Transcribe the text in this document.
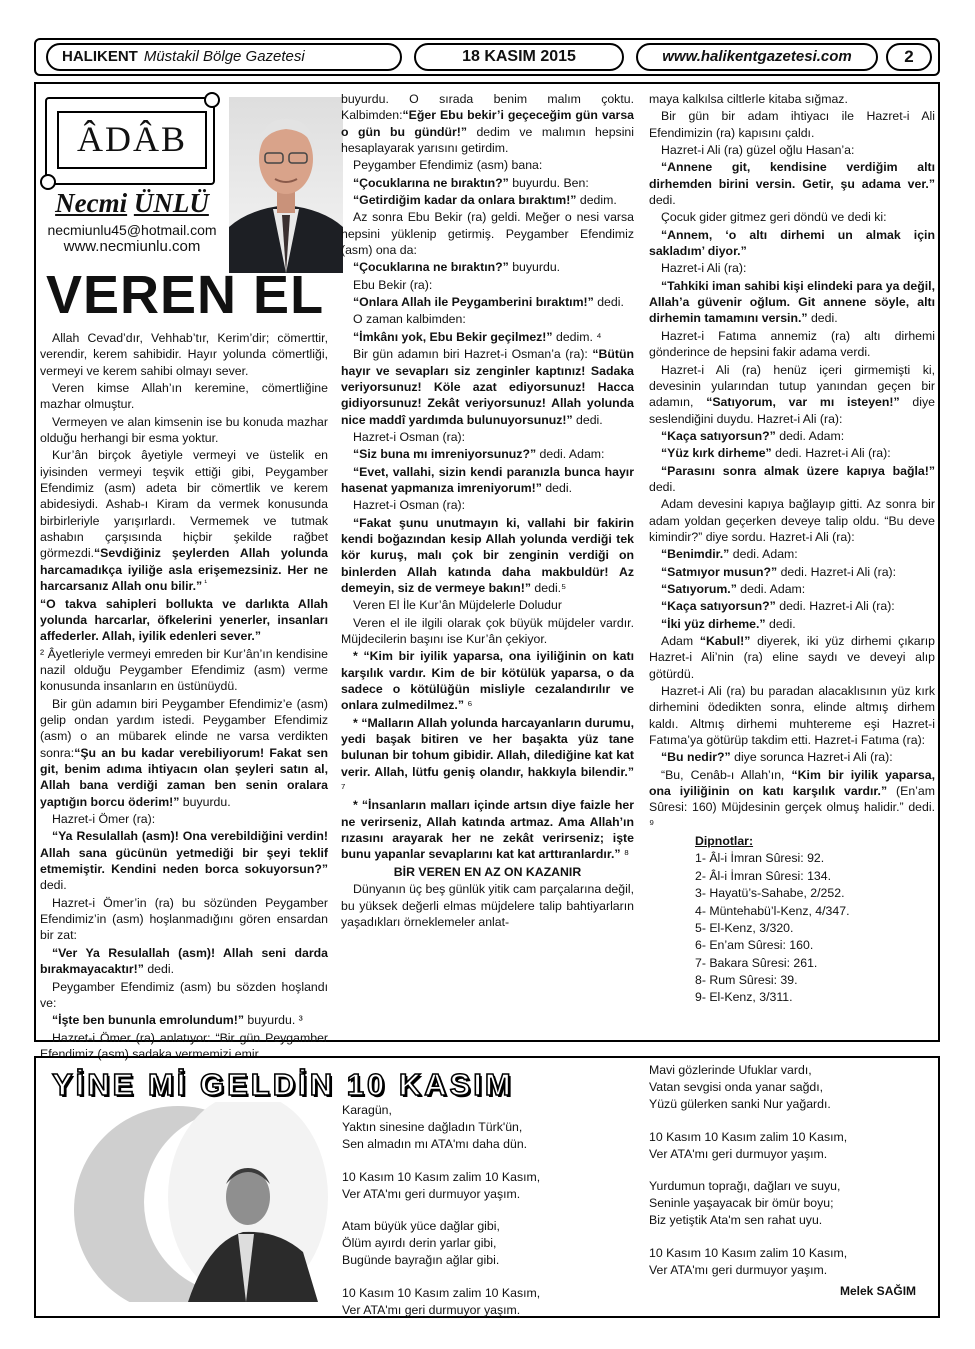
HALIKENT Müstakil Bölge Gazetesi	18 KASIM 2015	www.halikentgazetesi.com	2
ÂDÂB
Necmi ÜNLÜ
necmiunlu45@hotmail.com
www.necmiunlu.com
VEREN EL

Allah Cevad’dır, Vehhab’tır, Kerim’dir; cömerttir, verendir, kerem sahibidir. Hayır yolunda cömertliği, vermeyi ve kerem sahibi olmayı sever.

Veren kimse Allah’ın keremine, cömertliğine mazhar olmuştur.

Vermeyen ve alan kimsenin ise bu konuda mazhar olduğu herhangi bir esma yoktur.

Kur’ân birçok âyetiyle vermeyi ve üstelik en iyisinden vermeyi teşvik ettiği gibi, Peygamber Efendimiz (asm) adeta bir cömertlik ve kerem abidesiydi. Ashab-ı Kiram da vermek konusunda birbirleriyle yarışırlardı. Vermemek ve tutmak ashabın çarşısında hiçbir şekilde rağbet görmezdi.“Sevdiğiniz şeylerden Allah yolunda harcamadıkça iyiliğe asla erişemezsiniz. Her ne harcarsanız Allah onu bilir.” $^{^1}$

“O takva sahipleri bollukta ve darlıkta Allah yolunda harcarlar, öfkelerini yenerler, insanları affederler. Allah, iyilik edenleri sever.”

² Âyetleriyle vermeyi emreden bir Kur’ân’ın kendisine nazil olduğu Peygamber Efendimiz (asm) verme konusunda insanların en üstünüydü.

Bir gün adamın biri Peygamber Efendimiz’e (asm) gelip ondan yardım istedi. Peygamber Efendimiz (asm) o an mübarek elinde ne varsa verdikten sonra:“Şu an bu kadar verebiliyorum! Fakat sen git, benim adıma ihtiyacın olan şeyleri satın al, Allah bana verdiği zaman ben senin oralara yaptığın borcu öderim!” buyurdu.

Hazret-i Ömer (ra):

“Ya Resulallah (asm)! Ona verebildiğini verdin! Allah sana gücünün yetmediği bir şeyi teklif etmemiştir. Kendini neden borca sokuyorsun?” dedi.

Hazret-i Ömer’in (ra) bu sözünden Peygamber Efendimiz’in (asm) hoşlanmadığını gören ensardan bir zat:

“Ver Ya Resulallah (asm)! Allah seni darda bırakmayacaktır!” dedi.

Peygamber Efendimiz (asm) bu sözden hoşlandı ve:

“İşte ben bununla emrolundum!” buyurdu. ³

Hazret-i Ömer (ra) anlatıyor: “Bir gün Peygamber Efendimiz (asm) sadaka vermemizi emir

buyurdu. O sırada benim malım çoktu. Kalbimden:“Eğer Ebu bekir’i geçeceğim gün varsa o gün bu gündür!” dedim ve malımın hepsini hesaplayarak yarısını getirdim.

Peygamber Efendimiz (asm) bana:

“Çocuklarına ne bıraktın?” buyurdu. Ben:

“Getirdiğim kadar da onlara bıraktım!” dedim.

Az sonra Ebu Bekir (ra) geldi. Meğer o nesi varsa hepsini yüklenip getirmiş. Peygamber Efendimiz (asm) ona da:

“Çocuklarına ne bıraktın?” buyurdu.

Ebu Bekir (ra):

“Onlara Allah ile Peygamberini bıraktım!” dedi.

O zaman kalbimden:

“İmkânı yok, Ebu Bekir geçilmez!” dedim. ⁴

Bir gün adamın biri Hazret-i Osman’a (ra): “Bütün hayır ve sevapları siz zenginler kaptınız! Sadaka veriyorsunuz! Köle azat ediyorsunuz! Hacca gidiyorsunuz! Zekât veriyorsunuz! Allah yolunda nice maddî yardımda bulunuyorsunuz!” dedi.

Hazret-i Osman (ra):

“Siz buna mı imreniyorsunuz?” dedi. Adam:

“Evet, vallahi, sizin kendi paranızla bunca hayır hasenat yapmanıza imreniyorum!” dedi.

Hazret-i Osman (ra):

“Fakat şunu unutmayın ki, vallahi bir fakirin kendi boğazından kesip Allah yolunda verdiği tek kör kuruş, malı çok bir zenginin verdiği on binlerden Allah katında daha makbuldür! Az demeyin, siz de vermeye bakın!” dedi.⁵

Veren El İle Kur’ân Müjdelerle Doludur

Veren el ile ilgili olarak çok büyük müjdeler vardır. Müjdecilerin başını ise Kur’ân çekiyor.

* “Kim bir iyilik yaparsa, ona iyiliğinin on katı karşılık vardır. Kim de bir kötülük yaparsa, o da sadece o kötülüğün misliyle cezalandırılır ve onlara zulmedilmez.” ⁶

* “Malların Allah yolunda harcayanların durumu, yedi başak bitiren ve her başakta yüz tane bulunan bir tohum gibidir. Allah, dilediğine kat kat verir. Allah, lütfu geniş olandır, hakkıyla bilendir.” ⁷

* “İnsanların malları içinde artsın diye faizle her ne verirseniz, Allah katında artmaz. Ama Allah’ın rızasını arayarak her ne zekât verirseniz; işte bunu yapanlar sevaplarını kat kat arttıranlardır.” ⁸

BİR VEREN EN AZ ON KAZANIR

Dünyanın üç beş günlük yitik cam parçalarına değil, bu yüksek değerli elmas müjdelere talip bahtiyarların yaşadıkları örneklemeler anlat-

maya kalkılsa ciltlerle kitaba sığmaz.

Bir gün bir adam ihtiyacı ile Hazret-i Ali Efendimizin (ra) kapısını çaldı.

Hazret-i Ali (ra) güzel oğlu Hasan’a:

“Annene git, kendisine verdiğim altı dirhemden birini versin. Getir, şu adama ver.” dedi.

Çocuk gider gitmez geri döndü ve dedi ki:

“Annem, ‘o altı dirhemi un almak için sakladım’ diyor.”

Hazret-i Ali (ra):

“Tahkiki iman sahibi kişi elindeki para ya değil, Allah’a güvenir oğlum. Git annene söyle, altı dirhemin tamamını versin.” dedi.

Hazret-i Fatıma annemiz (ra) altı dirhemi gönderince de hepsini fakir adama verdi.

Hazret-i Ali (ra) henüz içeri girmemişti ki, devesinin yularından tutup yanından geçen bir adamın, “Satıyorum, var mı isteyen!” diye seslendiğini duydu. Hazret-i Ali (ra):

“Kaça satıyorsun?” dedi. Adam:

“Yüz kırk dirheme” dedi. Hazret-i Ali (ra):

“Parasını sonra almak üzere kapıya bağla!” dedi.

Adam devesini kapıya bağlayıp gitti. Az sonra bir adam yoldan geçerken deveye talip oldu. “Bu deve kimindir?” diye sordu. Hazret-i Ali (ra):

“Benimdir.” dedi. Adam:

“Satmıyor musun?” dedi. Hazret-i Ali (ra):

“Satıyorum.” dedi. Adam:

“Kaça satıyorsun?” dedi. Hazret-i Ali (ra):

“İki yüz dirheme.” dedi.

Adam “Kabul!” diyerek, iki yüz dirhemi çıkarıp Hazret-i Ali’nin (ra) eline saydı ve deveyi alıp götürdü.

Hazret-i Ali (ra) bu paradan alacaklısının yüz kırk dirhemini ödedikten sonra, elinde altmış dirhem kaldı. Altmış dirhemi muhtereme eşi Hazret-i Fatıma’ya götürüp takdim etti. Hazret-i Fatıma (ra):

“Bu nedir?” diye sorunca Hazret-i Ali (ra):

“Bu, Cenâb-ı Allah’ın, “Kim bir iyilik yaparsa, ona iyiliğinin on katı karşılık vardır.” (En’am Sûresi: 160) Müjdesinin gerçek olmuş halidir.” dedi. ⁹

Dipnotlar:

1- Âl-i İmran Sûresi: 92.

2- Âl-i İmran Sûresi: 134.

3- Hayatü’s-Sahabe, 2/252.

4- Müntehabü’l-Kenz, 4/347.

5- El-Kenz, 3/320.

6- En’am Sûresi: 160.

7- Bakara Sûresi: 261.

8- Rum Sûresi: 39.

9- El-Kenz, 3/311.

YİNE Mİ GELDİN 10 KASIM
Karagün,
Yaktın sinesine dağladın Türk'ün,
Sen almadın mı ATA'mı daha dün.
10 Kasım 10 Kasım zalim 10 Kasım,
Ver ATA'mı geri durmuyor yaşım.
Atam büyük yüce dağlar gibi,
Ölüm ayırdı derin yarlar gibi,
Bugünde bayrağın ağlar gibi.
10 Kasım 10 Kasım zalim 10 Kasım,
Ver ATA'mı geri durmuyor yaşım.
Mavi gözlerinde Ufuklar vardı,
Vatan sevgisi onda yanar sağdı,
Yüzü gülerken sanki Nur yağardı.
10 Kasım 10 Kasım zalim 10 Kasım,
Ver ATA'mı geri durmuyor yaşım.
Yurdumun toprağı, dağları ve suyu,
Seninle yaşayacak bir ömür boyu;
Biz yetiştik Ata'm sen rahat uyu.
10 Kasım 10 Kasım zalim 10 Kasım,
Ver ATA'mı geri durmuyor yaşım.
Melek SAĞIM
